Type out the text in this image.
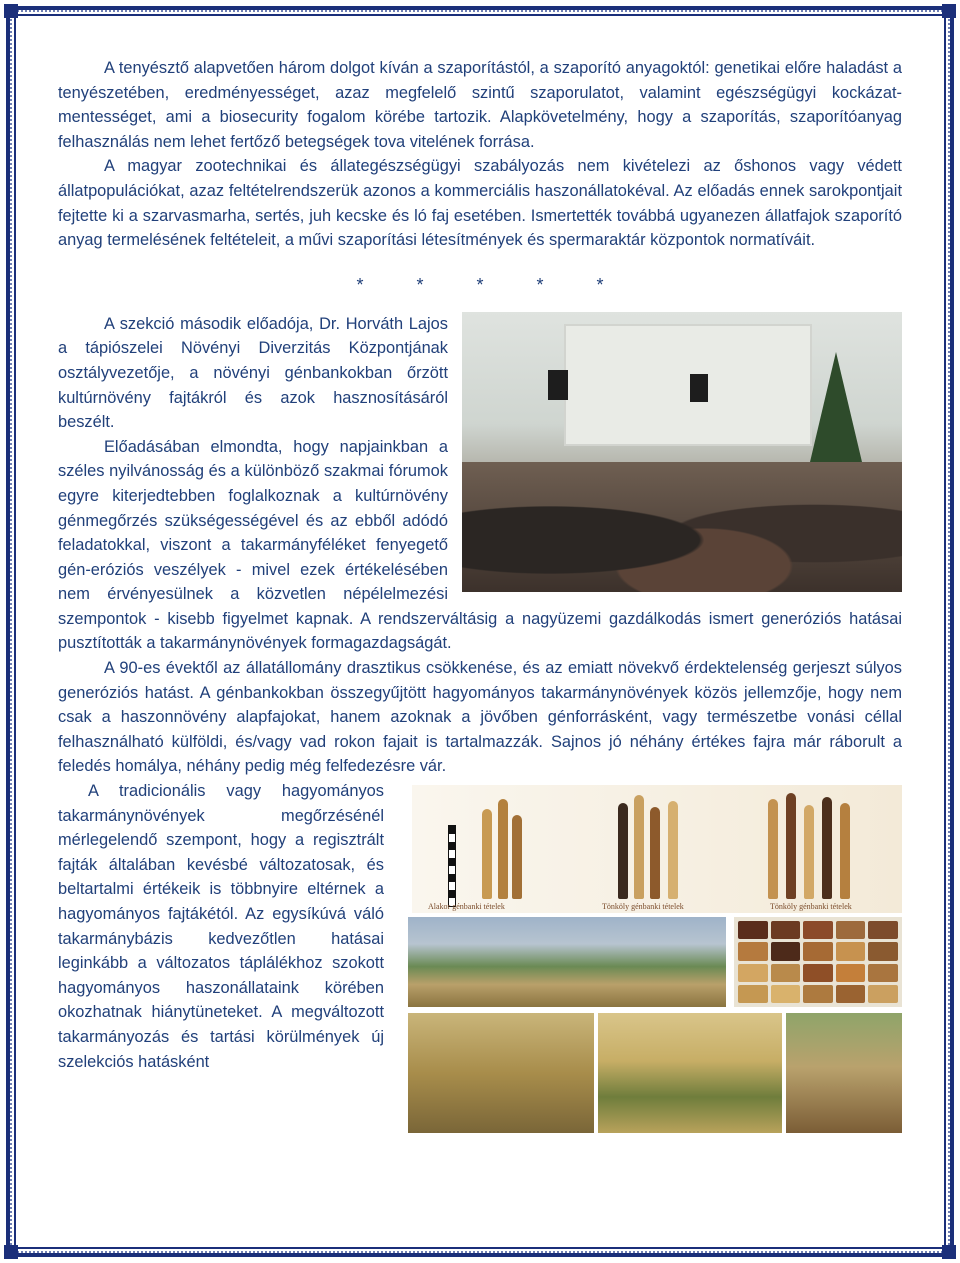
A tenyésztő alapvetően három dolgot kíván a szaporítástól, a szaporító anyagoktól: genetikai előre haladást a tenyészetében, eredményességet, azaz megfelelő szintű szaporulatot, valamint egészségügyi kockázat-mentességet, ami a biosecurity fogalom körébe tartozik. Alapkövetelmény, hogy a szaporítás, szaporítóanyag felhasználás nem lehet fertőző betegségek tova vitelének forrása.

A magyar zootechnikai és állategészségügyi szabályozás nem kivételezi az őshonos vagy védett állatpopulációkat, azaz feltételrendszerük azonos a kommerciális haszonállatokéval. Az előadás ennek sarokpontjait fejtette ki a szarvasmarha, sertés, juh kecske és ló faj esetében. Ismertették továbbá ugyanezen állatfajok szaporító anyag termelésének feltételeit, a művi szaporítási létesítmények és spermaraktár központok normatíváit.

* * * * *

A szekció második előadója, Dr. Horváth Lajos a tápiószelei Növényi Diverzitás Központjának osztályvezetője, a növényi génbankokban őrzött kultúrnövény fajtákról és azok hasznosításáról beszélt.

Előadásában elmondta, hogy napjainkban a széles nyilvánosság és a különböző szakmai fórumok egyre kiterjedtebben foglalkoznak a kultúrnövény génmegőrzés szükségességével és az ebből adódó feladatokkal, viszont a takarmányféléket fenyegető gén-eróziós veszélyek - mivel ezek értékelésében nem érvényesülnek a közvetlen népélelmezési szempontok - kisebb figyelmet kapnak. A rendszerváltásig a nagyüzemi gazdálkodás ismert generóziós hatásai pusztították a takarmánynövények formagazdagságát.

A 90-es évektől az állatállomány drasztikus csökkenése, és az emiatt növekvő érdektelenség gerjeszt súlyos generóziós hatást. A génbankokban összegyűjtött hagyományos takarmánynövények közös jellemzője, hogy nem csak a haszonnövény alapfajokat, hanem azoknak a jövőben génforrásként, vagy természetbe vonási céllal felhasználható külföldi, és/vagy vad rokon fajait is tartalmazzák. Sajnos jó néhány értékes fajra már ráborult a feledés homálya, néhány pedig még felfedezésre vár.

Alakor génbanki tételek	Tönköly génbanki tételek	Tönköly génbanki tételek

A tradicionális vagy hagyományos takarmánynövények megőrzésénél mérlegelendő szempont, hogy a regisztrált fajták általában kevésbé változatosak, és beltartalmi értékeik is többnyire eltérnek a hagyományos fajtákétól. Az egysíkúvá váló takarmánybázis kedvezőtlen hatásai leginkább a változatos táplálékhoz szokott hagyományos haszonállataink körében okozhatnak hiánytüneteket. A megváltozott takarmányozás és tartási körülmények új szelekciós hatásként
